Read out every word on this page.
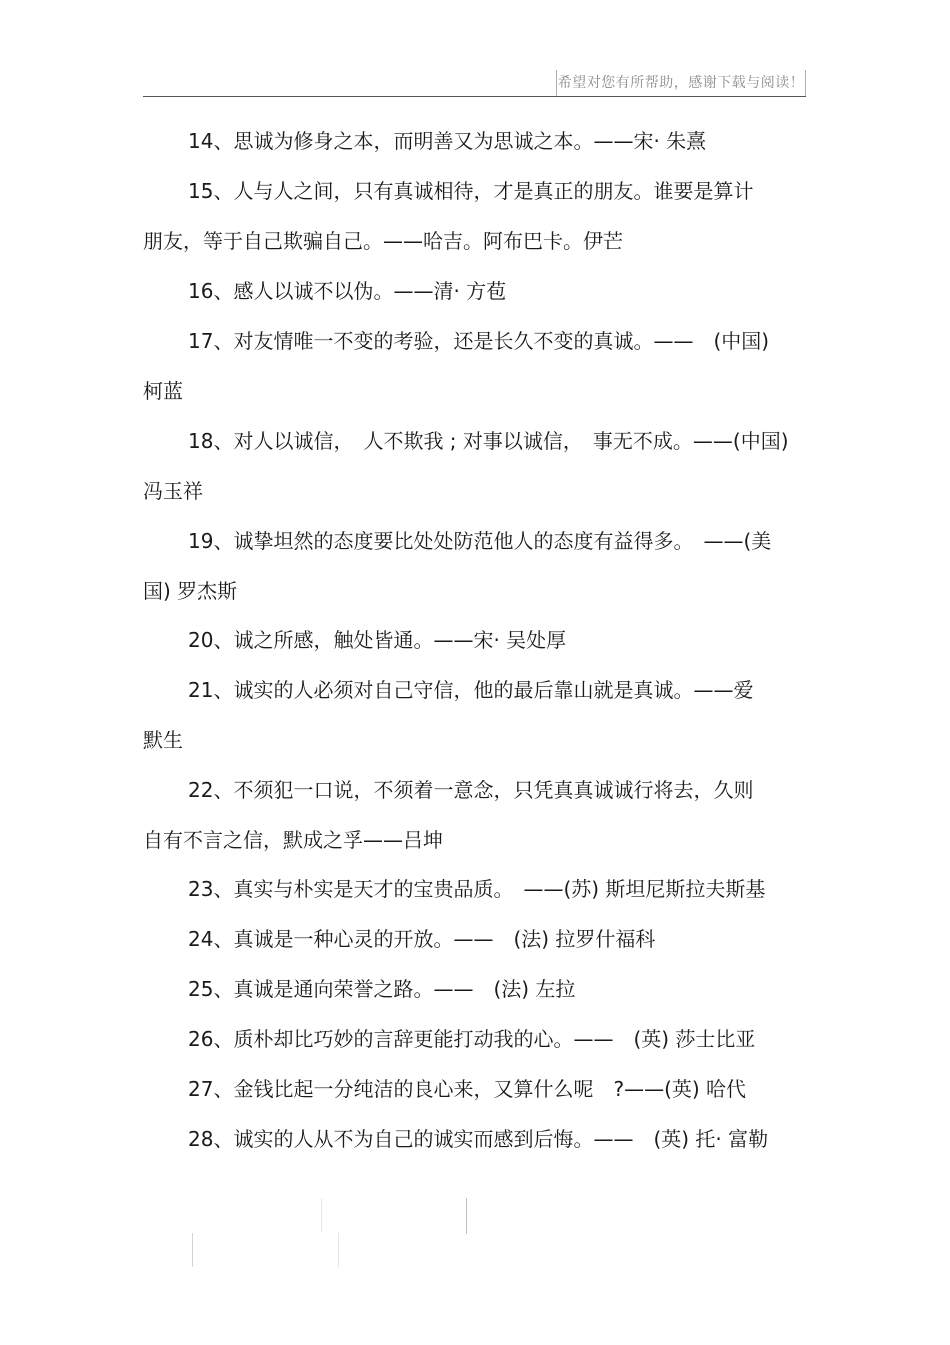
希望对您有所帮助，感谢下载与阅读！
14、思诚为修身之本，而明善又为思诚之本。——宋· 朱熹
15、人与人之间，只有真诚相待，才是真正的朋友。谁要是算计
朋友，等于自己欺骗自己。——哈吉。阿布巴卡。伊芒
16、感人以诚不以伪。——清· 方苞
17、对友情唯一不变的考验，还是长久不变的真诚。——　(中国)
柯蓝
18、对人以诚信，　人不欺我 ; 对事以诚信，　事无不成。——(中国)
冯玉祥
19、诚挚坦然的态度要比处处防范他人的态度有益得多。　——(美
国) 罗杰斯
20、诚之所感，触处皆通。——宋· 吴处厚
21、诚实的人必须对自己守信，他的最后靠山就是真诚。——爱
默生
22、不须犯一口说，不须着一意念，只凭真真诚诚行将去，久则
自有不言之信，默成之孚——吕坤
23、真实与朴实是天才的宝贵品质。　——(苏) 斯坦尼斯拉夫斯基
24、真诚是一种心灵的开放。——　(法) 拉罗什福科
25、真诚是通向荣誉之路。——　(法) 左拉
26、质朴却比巧妙的言辞更能打动我的心。——　(英) 莎士比亚
27、金钱比起一分纯洁的良心来，又算什么呢　?——(英) 哈代
28、诚实的人从不为自己的诚实而感到后悔。——　(英) 托· 富勒
